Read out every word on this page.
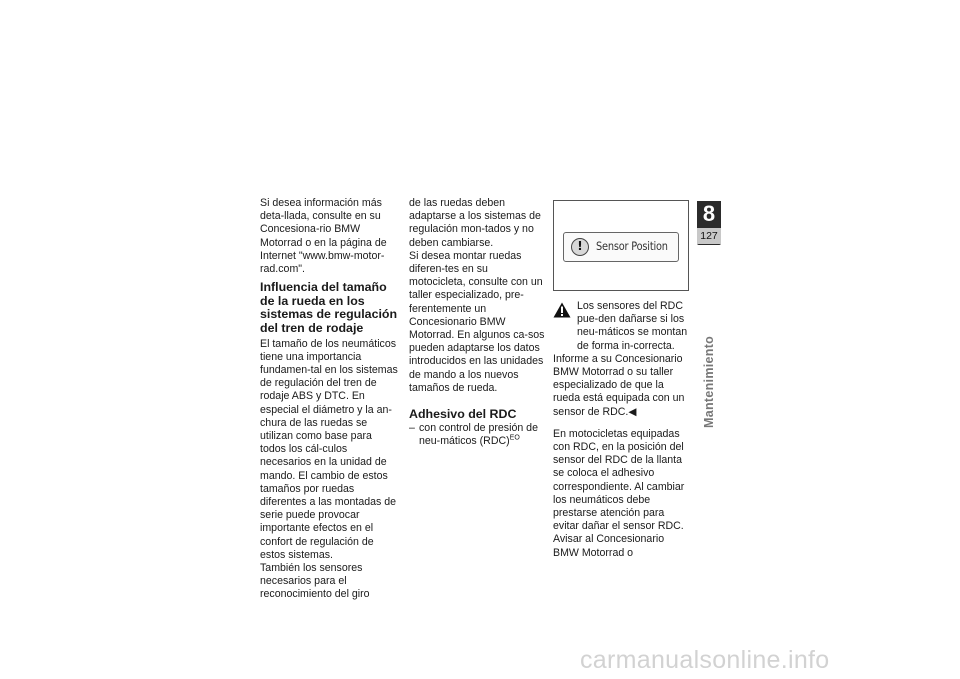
Si desea información más deta-llada, consulte en su Concesiona-rio BMW Motorrad o en la página de Internet "www.bmw-motor-rad.com".

Influencia del tamaño de la rueda en los sistemas de regulación del tren de rodaje

El tamaño de los neumáticos tiene una importancia fundamen-tal en los sistemas de regulación del tren de rodaje ABS y DTC. En especial el diámetro y la an-chura de las ruedas se utilizan como base para todos los cál-culos necesarios en la unidad de mando. El cambio de estos tamaños por ruedas diferentes a las montadas de serie puede provocar importante efectos en el confort de regulación de estos sistemas.

También los sensores necesarios para el reconocimiento del giro

de las ruedas deben adaptarse a los sistemas de regulación mon-tados y no deben cambiarse.

Si desea montar ruedas diferen-tes en su motocicleta, consulte con un taller especializado, pre-ferentemente un Concesionario BMW Motorrad. En algunos ca-sos pueden adaptarse los datos introducidos en las unidades de mando a los nuevos tamaños de rueda.

Adhesivo del RDC
– con control de presión de neu-máticos (RDC)$^{EO}$
!	Sensor Position

Los sensores del RDC pue-den dañarse si los neu-máticos se montan de forma in-correcta.

Informe a su Concesionario BMW Motorrad o su taller especializado de que la rueda está equipada con un sensor de RDC.◀

En motocicletas equipadas con RDC, en la posición del sensor del RDC de la llanta se coloca el adhesivo correspondiente. Al cambiar los neumáticos debe prestarse atención para evitar dañar el sensor RDC. Avisar al Concesionario BMW Motorrad o

8
127
Mantenimiento
carmanualsonline.info
